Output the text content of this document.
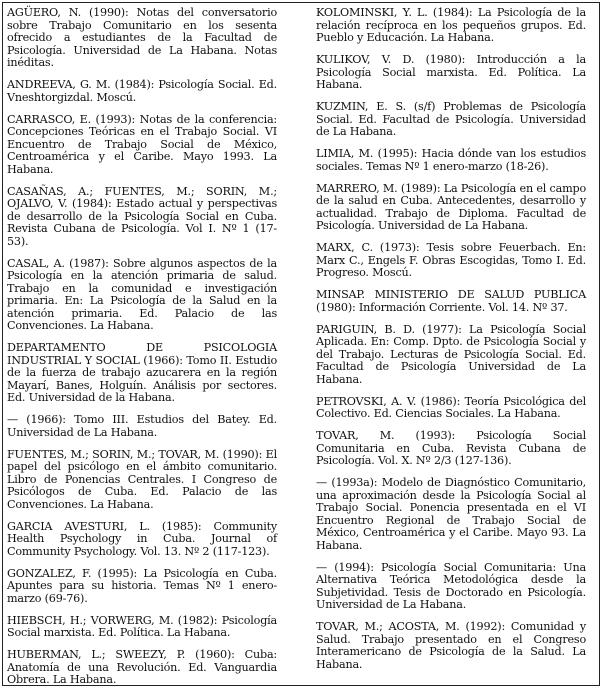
AGÜERO, N. (1990): Notas del conversatorio sobre Trabajo Comunitario en los sesenta ofrecido a estudiantes de la Facultad de Psicología. Universidad de La Habana. Notas inéditas.

ANDREEVA, G. M. (1984): Psicología Social. Ed. Vneshtorgizdal. Moscú.

CARRASCO, E. (1993): Notas de la conferencia: Concepciones Teóricas en el Trabajo Social. VI Encuentro de Trabajo Social de México, Centroamérica y el Caribe. Mayo 1993. La Habana.

CASAÑAS, A.; FUENTES, M.; SORIN, M.; OJALVO, V. (1984): Estado actual y perspectivas de desarrollo de la Psicología Social en Cuba. Revista Cubana de Psicología. Vol I. Nº 1 (17-53).

CASAL, A. (1987): Sobre algunos aspectos de la Psicología en la atención primaria de salud. Trabajo en la comunidad e investigación primaria. En: La Psicología de la Salud en la atención primaria. Ed. Palacio de las Convenciones. La Habana.

DEPARTAMENTO DE PSICOLOGIA INDUSTRIAL Y SOCIAL (1966): Tomo II. Estudio de la fuerza de trabajo azucarera en la región Mayarí, Banes, Holguín. Análisis por sectores. Ed. Universidad de la Habana.

— (1966): Tomo III. Estudios del Batey. Ed. Universidad de La Habana.

FUENTES, M.; SORIN, M.; TOVAR, M. (1990): El papel del psicólogo en el ámbito comunitario. Libro de Ponencias Centrales. I Congreso de Psicólogos de Cuba. Ed. Palacio de las Convenciones. La Habana.

GARCIA AVESTURI, L. (1985): Community Health Psychology in Cuba. Journal of Community Psychology. Vol. 13. Nº 2 (117-123).

GONZALEZ, F. (1995): La Psicología en Cuba. Apuntes para su historia. Temas Nº 1 enero-marzo (69-76).

HIEBSCH, H.; VORWERG, M. (1982): Psicología Social marxista. Ed. Política. La Habana.

HUBERMAN, L.; SWEEZY, P. (1960): Cuba: Anatomía de una Revolución. Ed. Vanguardia Obrera. La Habana.

KOLOMINSKI, Y. L. (1984): La Psicología de la relación recíproca en los pequeños grupos. Ed. Pueblo y Educación. La Habana.

KULIKOV, V. D. (1980): Introducción a la Psicología Social marxista. Ed. Política. La Habana.

KUZMIN, E. S. (s/f) Problemas de Psicología Social. Ed. Facultad de Psicología. Universidad de La Habana.

LIMIA, M. (1995): Hacia dónde van los estudios sociales. Temas Nº 1 enero-marzo (18-26).

MARRERO, M. (1989): La Psicología en el campo de la salud en Cuba. Antecedentes, desarrollo y actualidad. Trabajo de Diploma. Facultad de Psicología. Universidad de La Habana.

MARX, C. (1973): Tesis sobre Feuerbach. En: Marx C., Engels F. Obras Escogidas, Tomo I. Ed. Progreso. Moscú.

MINSAP. MINISTERIO DE SALUD PUBLICA (1980): Información Corriente. Vol. 14. Nº 37.

PARIGUIN, B. D. (1977): La Psicología Social Aplicada. En: Comp. Dpto. de Psicología Social y del Trabajo. Lecturas de Psicología Social. Ed. Facultad de Psicología Universidad de La Habana.

PETROVSKI, A. V. (1986): Teoría Psicológica del Colectivo. Ed. Ciencias Sociales. La Habana.

TOVAR, M. (1993): Psicología Social Comunitaria en Cuba. Revista Cubana de Psicología. Vol. X. Nº 2/3 (127-136).

— (1993a): Modelo de Diagnóstico Comunitario, una aproximación desde la Psicología Social al Trabajo Social. Ponencia presentada en el VI Encuentro Regional de Trabajo Social de México, Centroamérica y el Caribe. Mayo 93. La Habana.

— (1994): Psicología Social Comunitaria: Una Alternativa Teórica Metodológica desde la Subjetividad. Tesis de Doctorado en Psicología. Universidad de La Habana.

TOVAR, M.; ACOSTA, M. (1992): Comunidad y Salud. Trabajo presentado en el Congreso Interamericano de Psicología de la Salud. La Habana.
